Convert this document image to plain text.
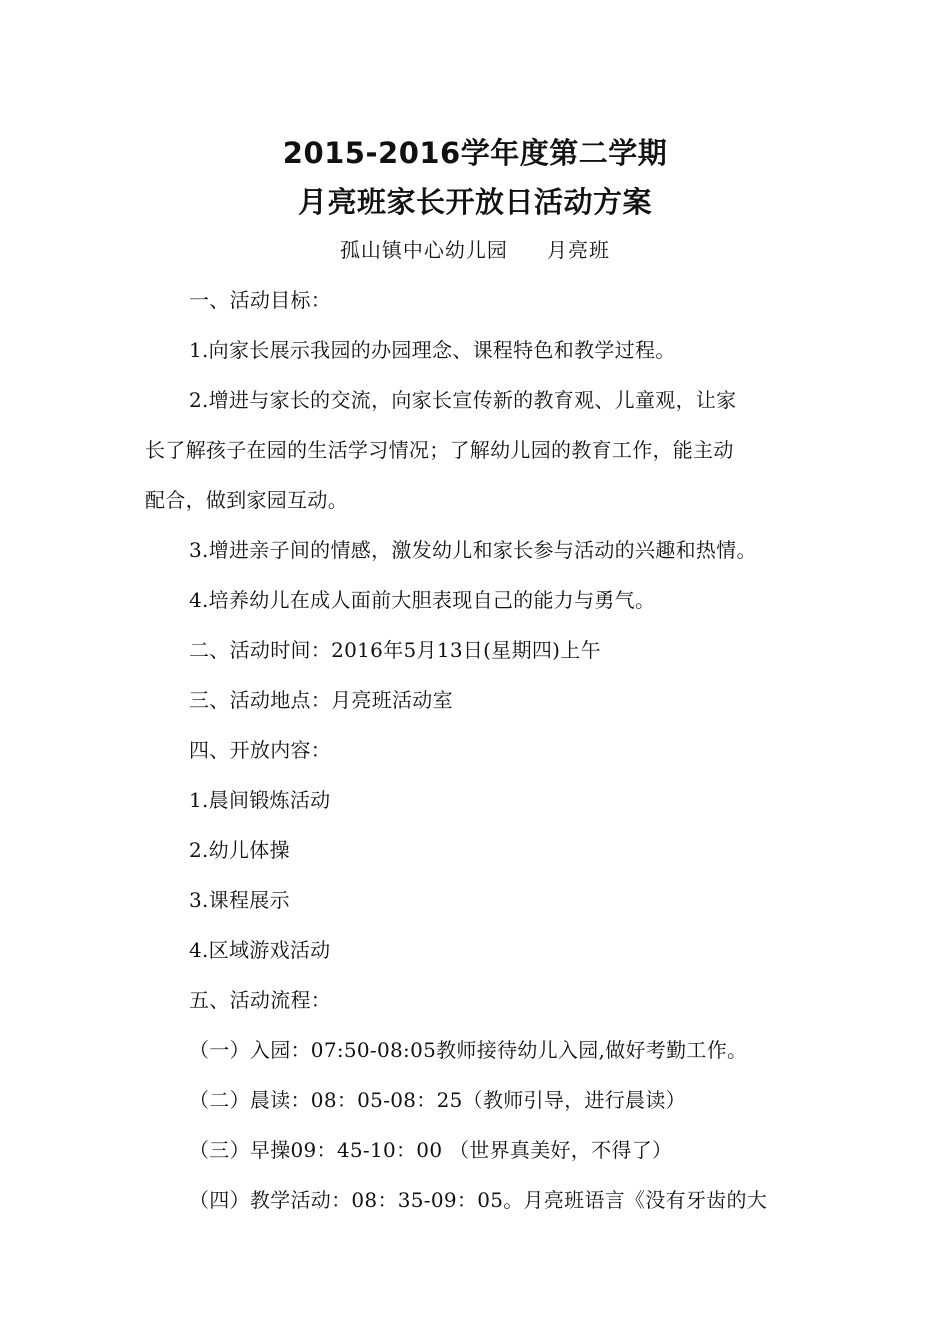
2015-2016学年度第二学期
月亮班家长开放日活动方案
孤山镇中心幼儿园   月亮班
一、活动目标：
1.向家长展示我园的办园理念、课程特色和教学过程。
2.增进与家长的交流，向家长宣传新的教育观、儿童观，让家
长了解孩子在园的生活学习情况；了解幼儿园的教育工作，能主动
配合，做到家园互动。
3.增进亲子间的情感，激发幼儿和家长参与活动的兴趣和热情。
4.培养幼儿在成人面前大胆表现自己的能力与勇气。
二、活动时间：2016年5月13日(星期四)上午
三、活动地点：月亮班活动室
四、开放内容：
1.晨间锻炼活动
2.幼儿体操
3.课程展示
4.区域游戏活动
五、活动流程：
（一）入园：07:50-08:05教师接待幼儿入园,做好考勤工作。
（二）晨读：08：05-08：25（教师引导，进行晨读）
（三）早操09：45-10：00 （世界真美好，不得了）
（四）教学活动：08：35-09：05。月亮班语言《没有牙齿的大
